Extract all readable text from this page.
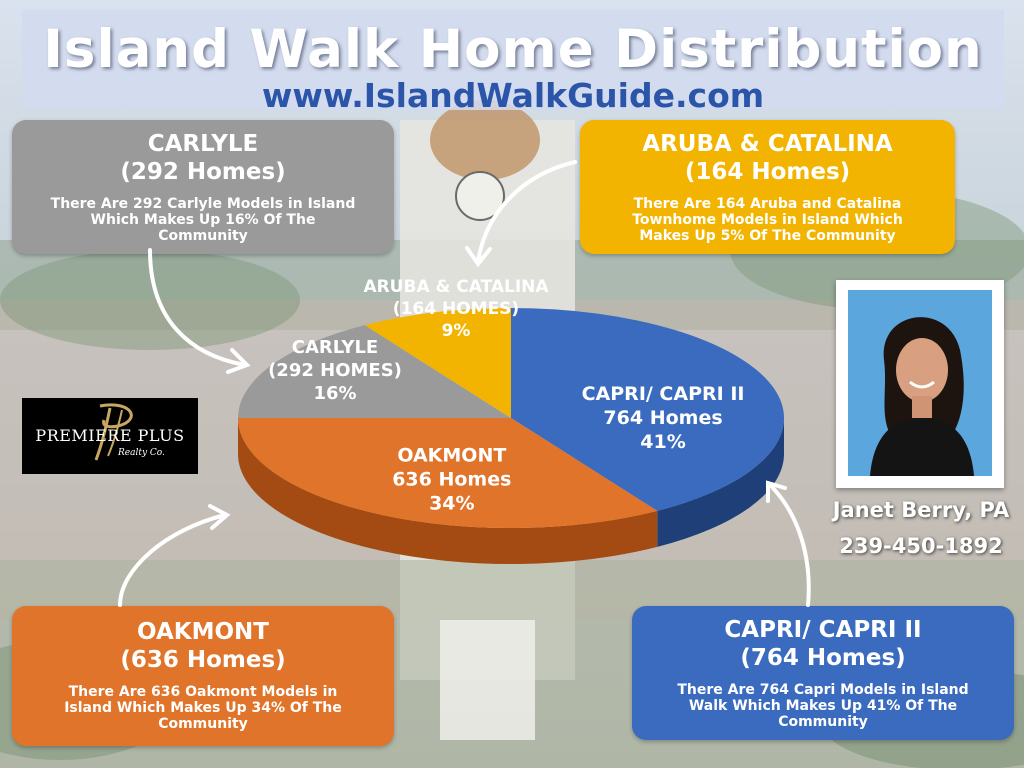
Island Walk Home Distribution
www.IslandWalkGuide.com
CARLYLE
(292 Homes)
There Are 292 Carlyle Models in Island Which Makes Up 16% Of The Community
ARUBA & CATALINA
(164 Homes)
There Are 164 Aruba and Catalina Townhome Models in Island Which Makes Up 5% Of The Community
OAKMONT
(636 Homes)
There Are 636 Oakmont Models in Island Which Makes Up 34% Of The Community
CAPRI/ CAPRI II
(764 Homes)
There Are 764 Capri Models in Island Walk Which Makes Up 41% Of The Community
CAPRI/ CAPRI II
764 Homes
41%
OAKMONT
636 Homes
34%
CARLYLE
(292 HOMES)
16%
ARUBA & CATALINA
(164 HOMES)
9%
Janet Berry, PA
239-450-1892
PREMIERE PLUS
Realty Co.
